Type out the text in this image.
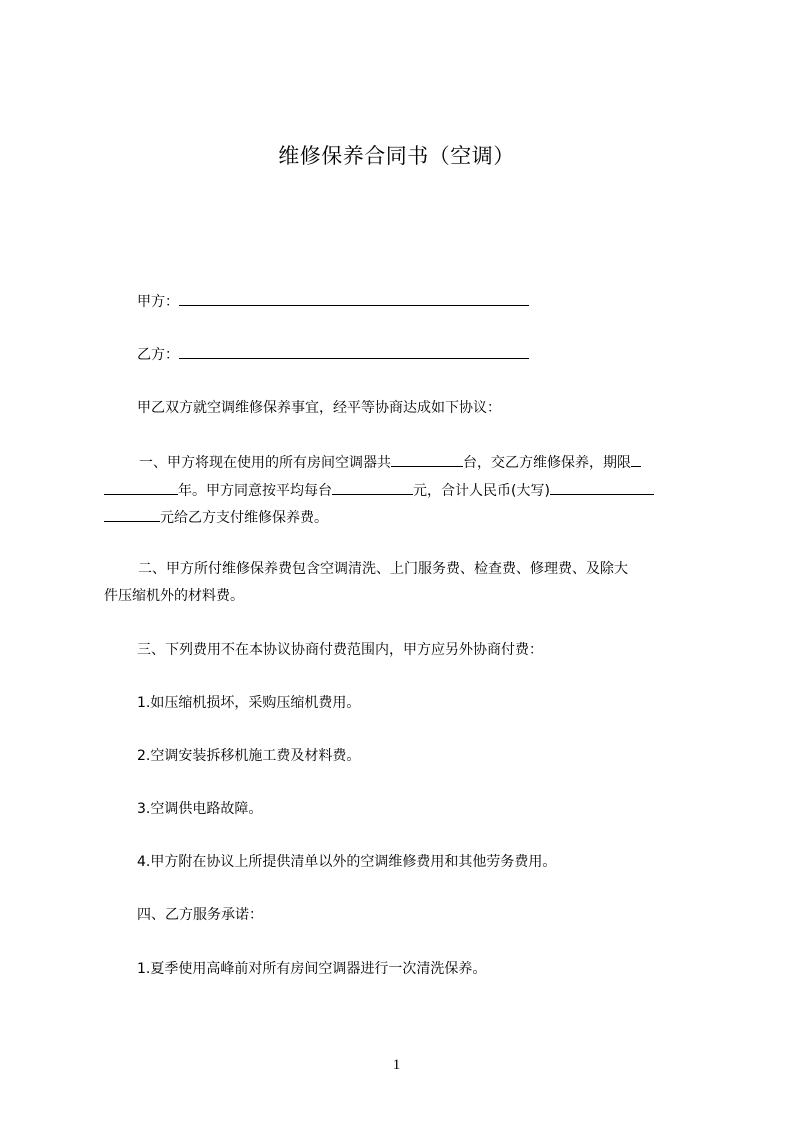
维修保养合同书（空调）
甲方：
乙方：
甲乙双方就空调维修保养事宜，经平等协商达成如下协议：
一、甲方将现在使用的所有房间空调器共	台，交乙方维修保养，期限
年。甲方同意按平均每台	元，合计人民币(大写)
元给乙方支付维修保养费。
二、甲方所付维修保养费包含空调清洗、上门服务费、检查费、修理费、及除大
件压缩机外的材料费。
三、下列费用不在本协议协商付费范围内，甲方应另外协商付费：
1.如压缩机损坏，采购压缩机费用。
2.空调安装拆移机施工费及材料费。
3.空调供电路故障。
4.甲方附在协议上所提供清单以外的空调维修费用和其他劳务费用。
四、乙方服务承诺：
1.夏季使用高峰前对所有房间空调器进行一次清洗保养。
1
